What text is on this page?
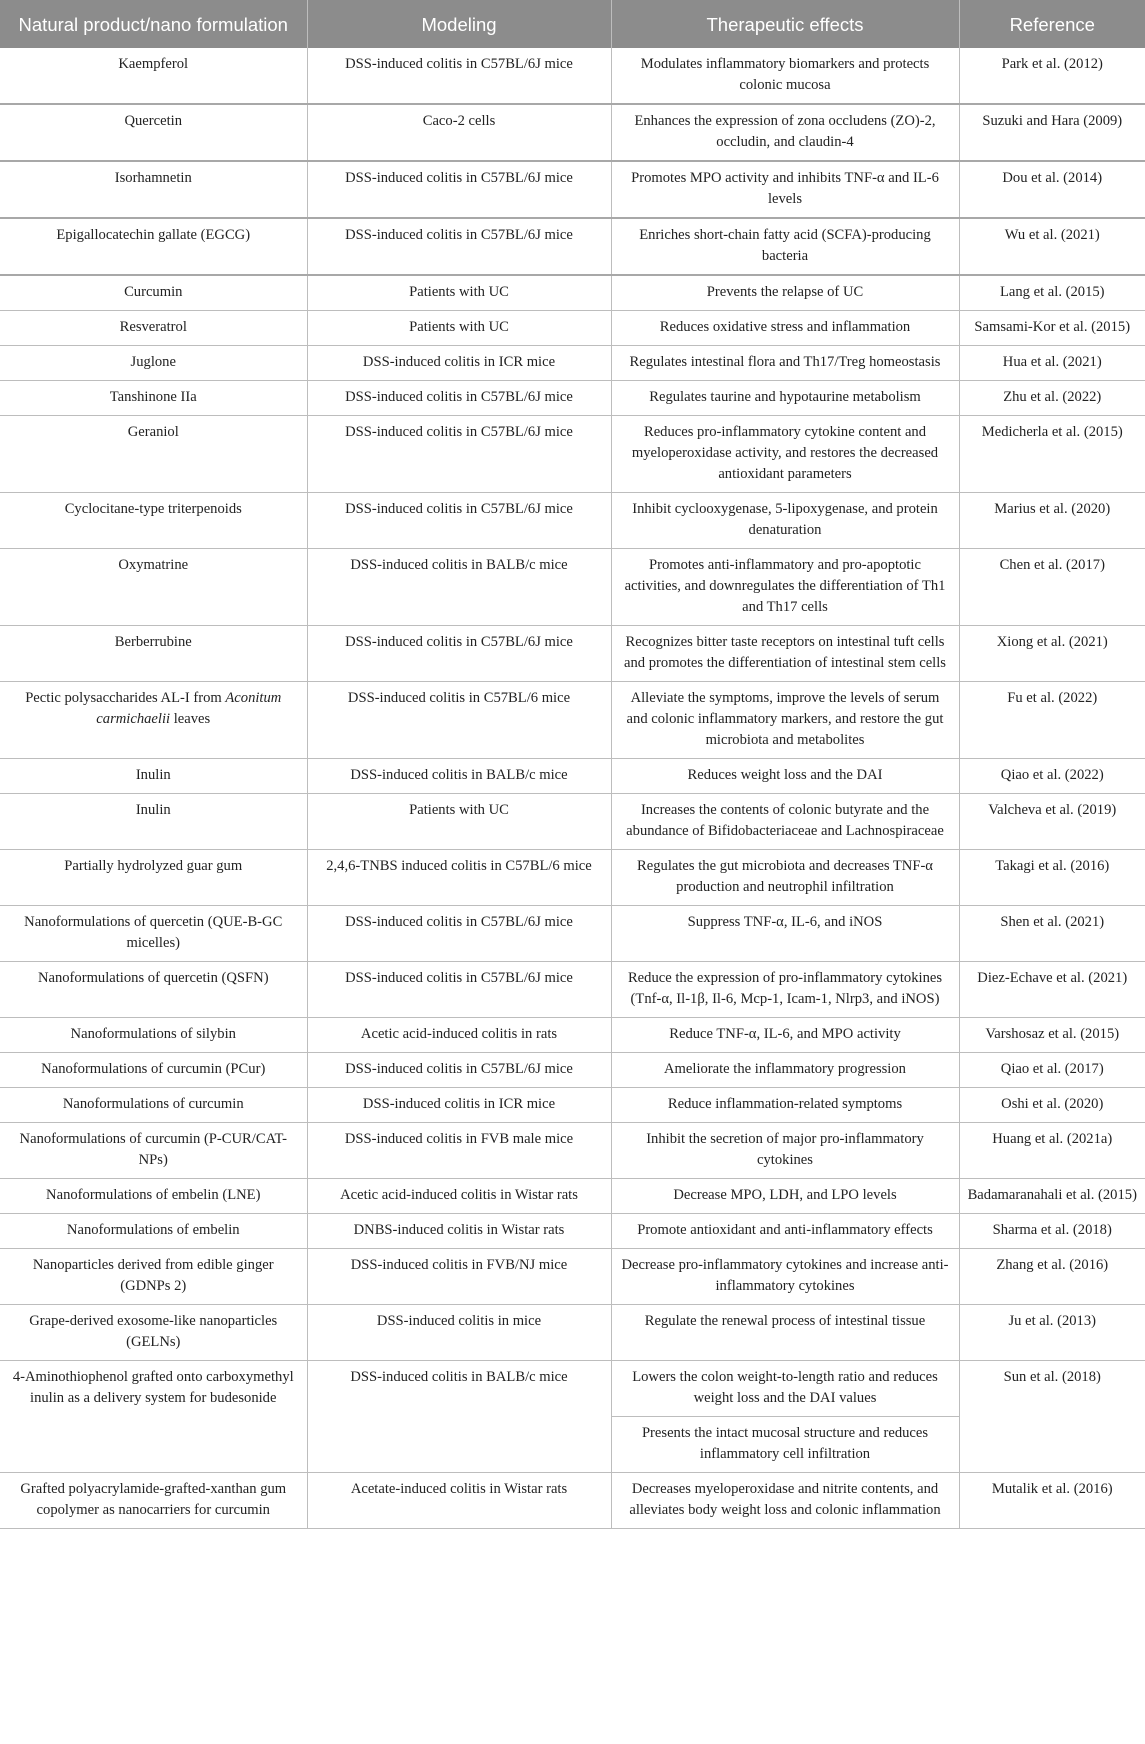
Natural product/nano formulation	Modeling	Therapeutic effects	Reference
Kaempferol	DSS-induced colitis in C57BL/6J mice	Modulates inflammatory biomarkers and protects colonic mucosa	Park et al. (2012)
Quercetin	Caco-2 cells	Enhances the expression of zona occludens (ZO)-2, occludin, and claudin-4	Suzuki and Hara (2009)
Isorhamnetin	DSS-induced colitis in C57BL/6J mice	Promotes MPO activity and inhibits TNF-α and IL-6 levels	Dou et al. (2014)
Epigallocatechin gallate (EGCG)	DSS-induced colitis in C57BL/6J mice	Enriches short-chain fatty acid (SCFA)-producing bacteria	Wu et al. (2021)
Curcumin	Patients with UC	Prevents the relapse of UC	Lang et al. (2015)
Resveratrol	Patients with UC	Reduces oxidative stress and inflammation	Samsami-Kor et al. (2015)
Juglone	DSS-induced colitis in ICR mice	Regulates intestinal flora and Th17/Treg homeostasis	Hua et al. (2021)
Tanshinone IIa	DSS-induced colitis in C57BL/6J mice	Regulates taurine and hypotaurine metabolism	Zhu et al. (2022)
Geraniol	DSS-induced colitis in C57BL/6J mice	Reduces pro-inflammatory cytokine content and myeloperoxidase activity, and restores the decreased antioxidant parameters	Medicherla et al. (2015)
Cyclocitane-type triterpenoids	DSS-induced colitis in C57BL/6J mice	Inhibit cyclooxygenase, 5-lipoxygenase, and protein denaturation	Marius et al. (2020)
Oxymatrine	DSS-induced colitis in BALB/c mice	Promotes anti-inflammatory and pro-apoptotic activities, and downregulates the differentiation of Th1 and Th17 cells	Chen et al. (2017)
Berberrubine	DSS-induced colitis in C57BL/6J mice	Recognizes bitter taste receptors on intestinal tuft cells and promotes the differentiation of intestinal stem cells	Xiong et al. (2021)
Pectic polysaccharides AL-I from Aconitum carmichaelii leaves	DSS-induced colitis in C57BL/6 mice	Alleviate the symptoms, improve the levels of serum and colonic inflammatory markers, and restore the gut microbiota and metabolites	Fu et al. (2022)
Inulin	DSS-induced colitis in BALB/c mice	Reduces weight loss and the DAI	Qiao et al. (2022)
Inulin	Patients with UC	Increases the contents of colonic butyrate and the abundance of Bifidobacteriaceae and Lachnospiraceae	Valcheva et al. (2019)
Partially hydrolyzed guar gum	2,4,6-TNBS induced colitis in C57BL/6 mice	Regulates the gut microbiota and decreases TNF-α production and neutrophil infiltration	Takagi et al. (2016)
Nanoformulations of quercetin (QUE-B-GC micelles)	DSS-induced colitis in C57BL/6J mice	Suppress TNF-α, IL-6, and iNOS	Shen et al. (2021)
Nanoformulations of quercetin (QSFN)	DSS-induced colitis in C57BL/6J mice	Reduce the expression of pro-inflammatory cytokines (Tnf-α, Il-1β, Il-6, Mcp-1, Icam-1, Nlrp3, and iNOS)	Diez-Echave et al. (2021)
Nanoformulations of silybin	Acetic acid-induced colitis in rats	Reduce TNF-α, IL-6, and MPO activity	Varshosaz et al. (2015)
Nanoformulations of curcumin (PCur)	DSS-induced colitis in C57BL/6J mice	Ameliorate the inflammatory progression	Qiao et al. (2017)
Nanoformulations of curcumin	DSS-induced colitis in ICR mice	Reduce inflammation-related symptoms	Oshi et al. (2020)
Nanoformulations of curcumin (P-CUR/CAT-NPs)	DSS-induced colitis in FVB male mice	Inhibit the secretion of major pro-inflammatory cytokines	Huang et al. (2021a)
Nanoformulations of embelin (LNE)	Acetic acid-induced colitis in Wistar rats	Decrease MPO, LDH, and LPO levels	Badamaranahali et al. (2015)
Nanoformulations of embelin	DNBS-induced colitis in Wistar rats	Promote antioxidant and anti-inflammatory effects	Sharma et al. (2018)
Nanoparticles derived from edible ginger (GDNPs 2)	DSS-induced colitis in FVB/NJ mice	Decrease pro-inflammatory cytokines and increase anti-inflammatory cytokines	Zhang et al. (2016)
Grape-derived exosome-like nanoparticles (GELNs)	DSS-induced colitis in mice	Regulate the renewal process of intestinal tissue	Ju et al. (2013)
4-Aminothiophenol grafted onto carboxymethyl inulin as a delivery system for budesonide	DSS-induced colitis in BALB/c mice	Lowers the colon weight-to-length ratio and reduces weight loss and the DAI values	Sun et al. (2018)
		Presents the intact mucosal structure and reduces inflammatory cell infiltration	
Grafted polyacrylamide-grafted-xanthan gum copolymer as nanocarriers for curcumin	Acetate-induced colitis in Wistar rats	Decreases myeloperoxidase and nitrite contents, and alleviates body weight loss and colonic inflammation	Mutalik et al. (2016)
